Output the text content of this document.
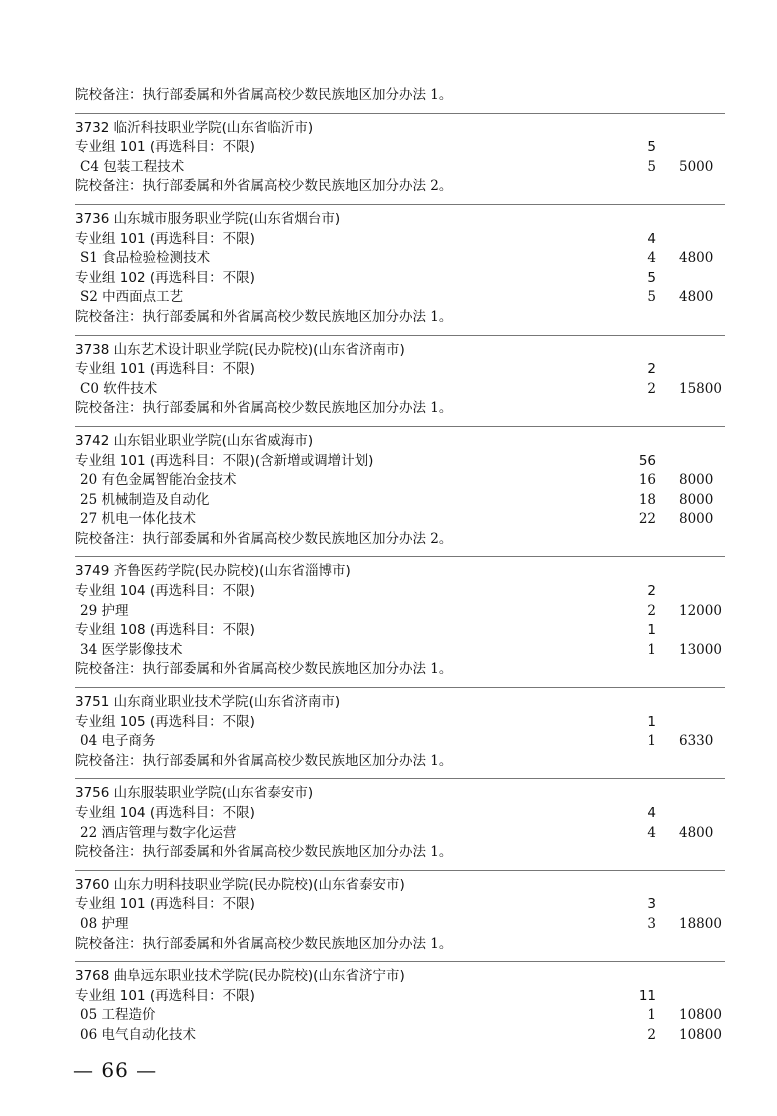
院校备注：执行部委属和外省属高校少数民族地区加分办法 1。
3732 临沂科技职业学院(山东省临沂市)
专业组 101 (再选科目：不限)	5
C4 包装工程技术	5 5000
院校备注：执行部委属和外省属高校少数民族地区加分办法 2。
3736 山东城市服务职业学院(山东省烟台市)
专业组 101 (再选科目：不限)	4
S1 食品检验检测技术	4 4800
专业组 102 (再选科目：不限)	5
S2 中西面点工艺	5 4800
院校备注：执行部委属和外省属高校少数民族地区加分办法 1。
3738 山东艺术设计职业学院(民办院校)(山东省济南市)
专业组 101 (再选科目：不限)	2
C0 软件技术	2 15800
院校备注：执行部委属和外省属高校少数民族地区加分办法 1。
3742 山东铝业职业学院(山东省威海市)
专业组 101 (再选科目：不限)(含新增或调增计划)	56
20 有色金属智能冶金技术	16 8000
25 机械制造及自动化	18 8000
27 机电一体化技术	22 8000
院校备注：执行部委属和外省属高校少数民族地区加分办法 2。
3749 齐鲁医药学院(民办院校)(山东省淄博市)
专业组 104 (再选科目：不限)	2
29 护理	2 12000
专业组 108 (再选科目：不限)	1
34 医学影像技术	1 13000
院校备注：执行部委属和外省属高校少数民族地区加分办法 1。
3751 山东商业职业技术学院(山东省济南市)
专业组 105 (再选科目：不限)	1
04 电子商务	1 6330
院校备注：执行部委属和外省属高校少数民族地区加分办法 1。
3756 山东服装职业学院(山东省泰安市)
专业组 104 (再选科目：不限)	4
22 酒店管理与数字化运营	4 4800
院校备注：执行部委属和外省属高校少数民族地区加分办法 1。
3760 山东力明科技职业学院(民办院校)(山东省泰安市)
专业组 101 (再选科目：不限)	3
08 护理	3 18800
院校备注：执行部委属和外省属高校少数民族地区加分办法 1。
3768 曲阜远东职业技术学院(民办院校)(山东省济宁市)
专业组 101 (再选科目：不限)	11
05 工程造价	1 10800
06 电气自动化技术	2 10800
— 66 —
